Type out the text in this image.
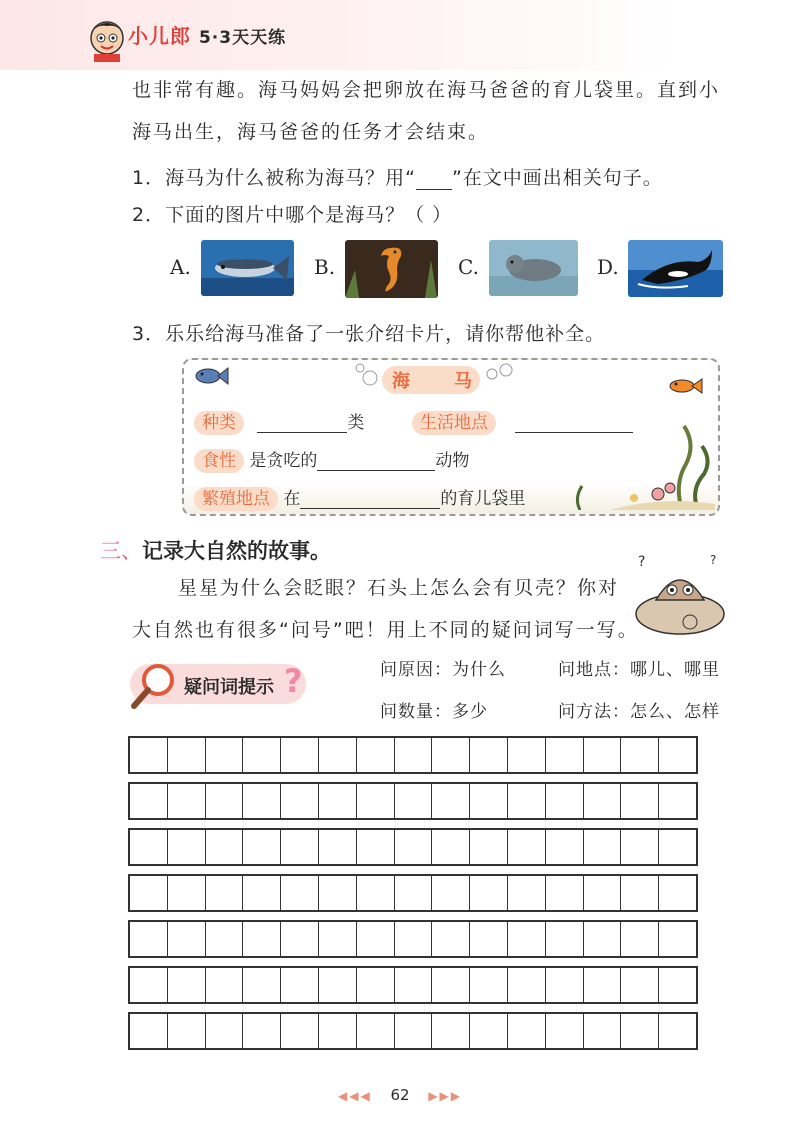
小儿郎 5·3天天练
也非常有趣。海马妈妈会把卵放在海马爸爸的育儿袋里。直到小
海马出生，海马爸爸的任务才会结束。
1．海马为什么被称为海马？用“ ”在文中画出相关句子。
2．下面的图片中哪个是海马？（ ）
A.	B.	C.	D.
3．乐乐给海马准备了一张介绍卡片，请你帮他补全。
海 马
种类	类	生活地点
食性 是贪吃的	动物
繁殖地点 在	的育儿袋里
三、记录大自然的故事。
星星为什么会眨眼？石头上怎么会有贝壳？你对
大自然也有很多“问号”吧！用上不同的疑问词写一写。
?	?
疑问词提示 ?	问原因：为什么	问地点：哪儿、哪里
问数量：多少	问方法：怎么、怎样
◀◀◀ 62 ▶▶▶
